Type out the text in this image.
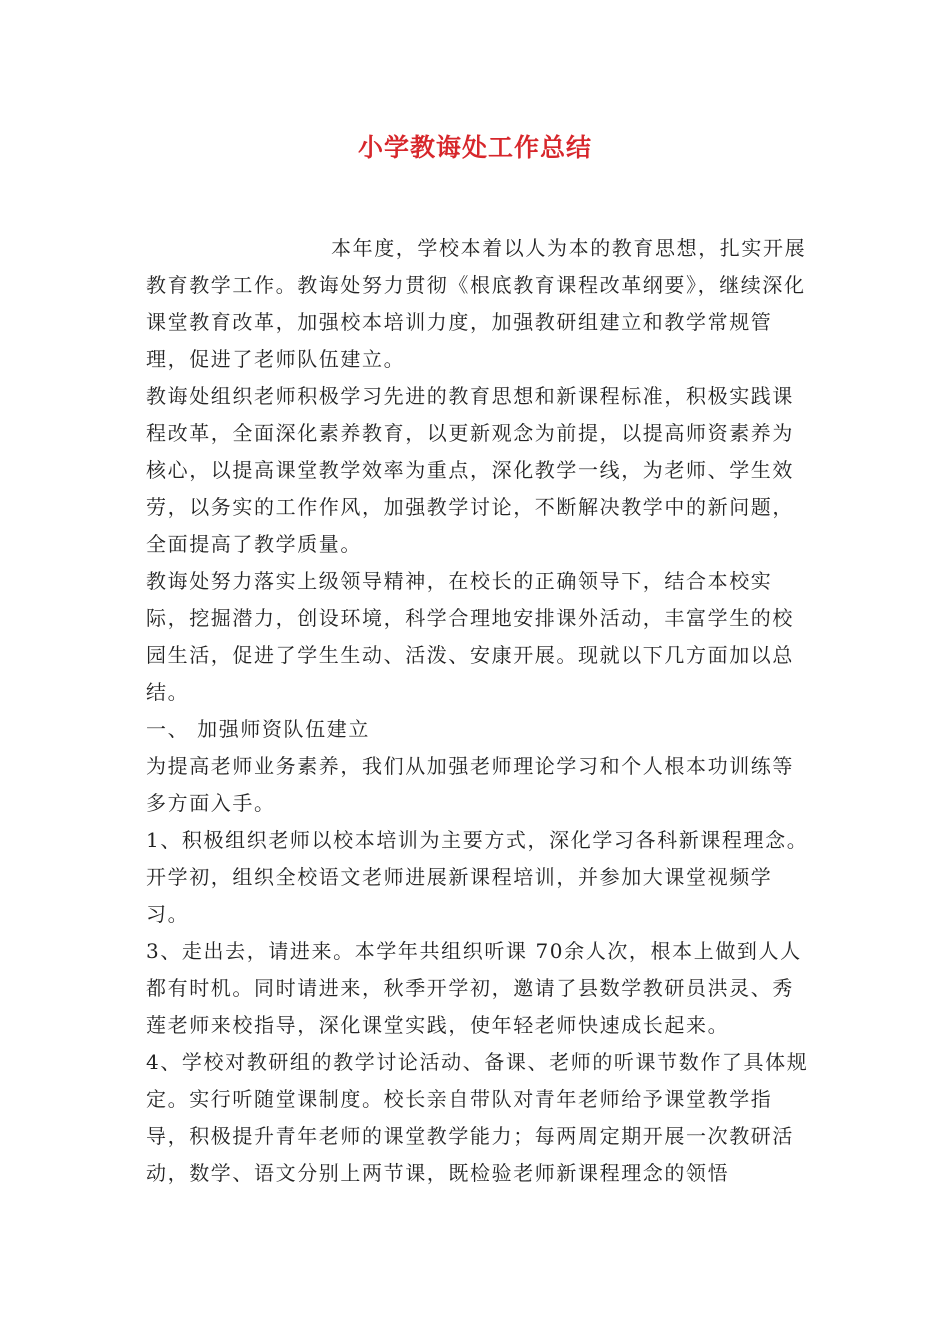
小学教诲处工作总结

本年度，学校本着以人为本的教育思想，扎实开展教育教学工作。教诲处努力贯彻《根底教育课程改革纲要》，继续深化课堂教育改革，加强校本培训力度，加强教研组建立和教学常规管理，促进了老师队伍建立。

教诲处组织老师积极学习先进的教育思想和新课程标准，积极实践课程改革，全面深化素养教育，以更新观念为前提，以提高师资素养为核心，以提高课堂教学效率为重点，深化教学一线，为老师、学生效劳，以务实的工作作风，加强教学讨论，不断解决教学中的新问题，全面提高了教学质量。

教诲处努力落实上级领导精神，在校长的正确领导下，结合本校实际，挖掘潜力，创设环境，科学合理地安排课外活动，丰富学生的校园生活，促进了学生生动、活泼、安康开展。现就以下几方面加以总结。

一、 加强师资队伍建立

为提高老师业务素养，我们从加强老师理论学习和个人根本功训练等多方面入手。

1、积极组织老师以校本培训为主要方式，深化学习各科新课程理念。开学初，组织全校语文老师进展新课程培训，并参加大课堂视频学习。

3、走出去，请进来。本学年共组织听课 70余人次，根本上做到人人都有时机。同时请进来，秋季开学初，邀请了县数学教研员洪灵、秀莲老师来校指导，深化课堂实践，使年轻老师快速成长起来。

4、学校对教研组的教学讨论活动、备课、老师的听课节数作了具体规定。实行听随堂课制度。校长亲自带队对青年老师给予课堂教学指导，积极提升青年老师的课堂教学能力；每两周定期开展一次教研活动，数学、语文分别上两节课，既检验老师新课程理念的领悟
